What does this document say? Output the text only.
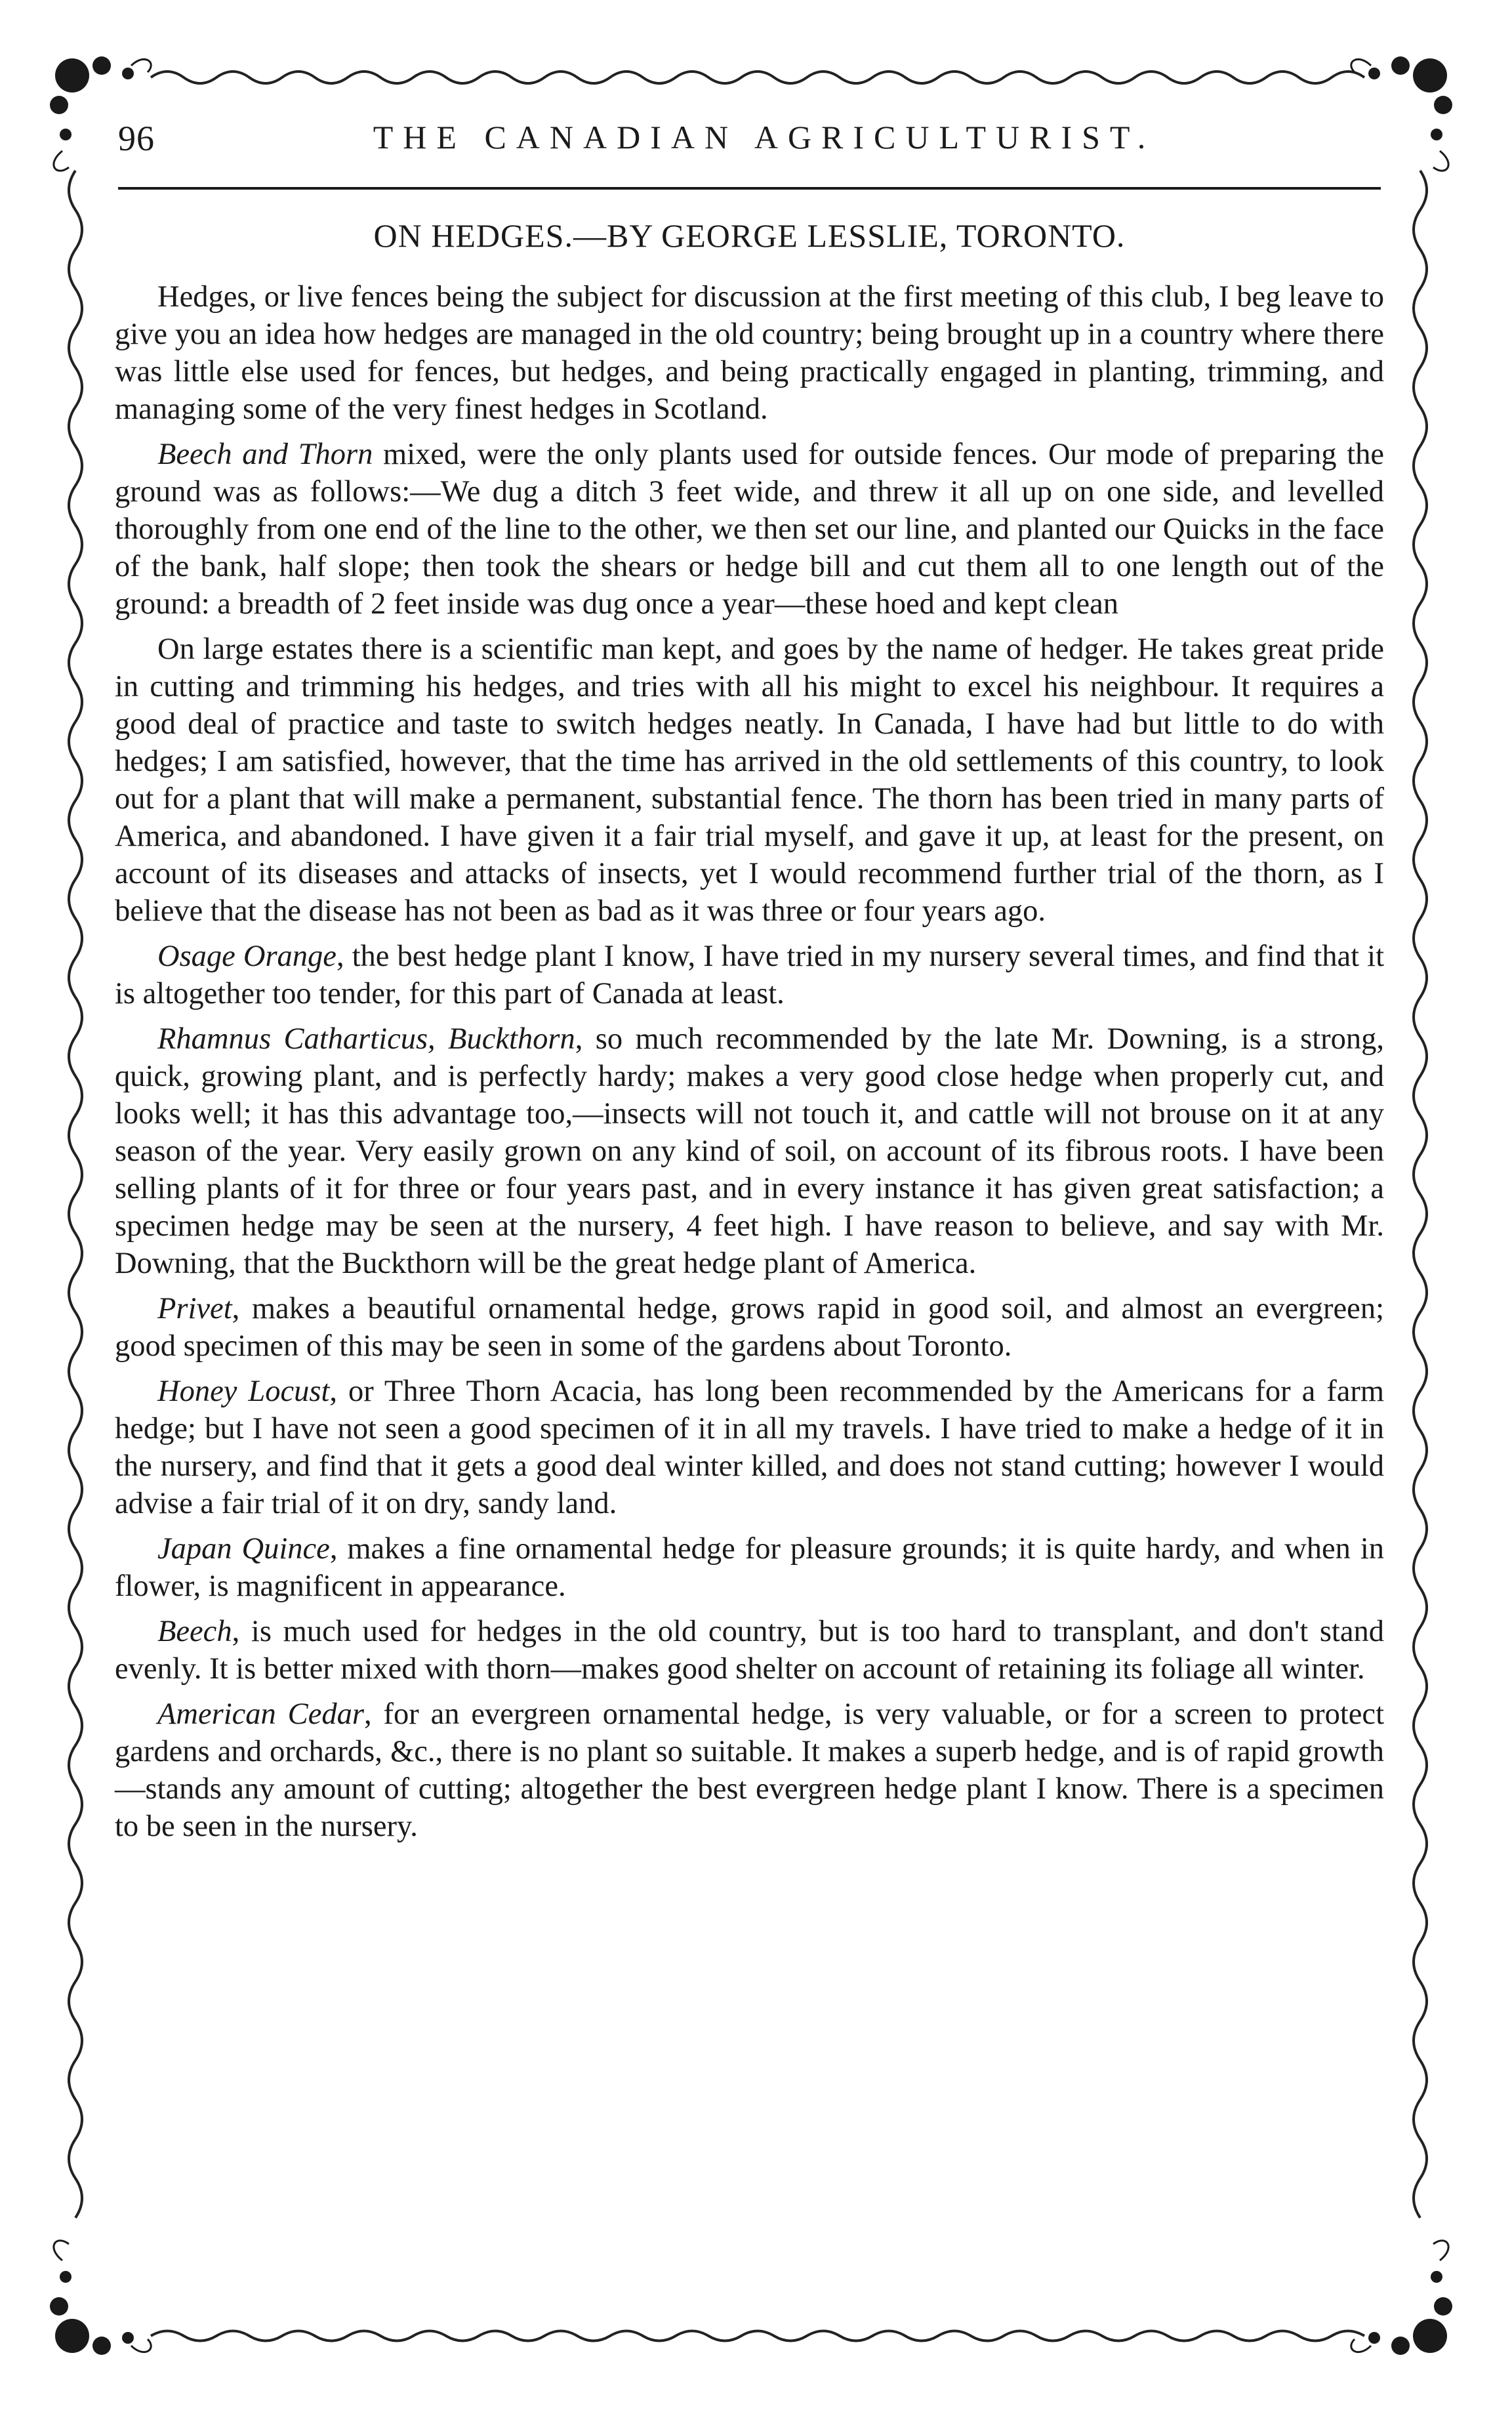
96	THE CANADIAN AGRICULTURIST.
ON HEDGES.—BY GEORGE LESSLIE, TORONTO.

Hedges, or live fences being the subject for discussion at the first meeting of this club, I beg leave to give you an idea how hedges are managed in the old country; being brought up in a country where there was little else used for fences, but hedges, and being practically engaged in planting, trimming, and managing some of the very finest hedges in Scotland.

Beech and Thorn mixed, were the only plants used for outside fences. Our mode of preparing the ground was as follows:—We dug a ditch 3 feet wide, and threw it all up on one side, and levelled thoroughly from one end of the line to the other, we then set our line, and planted our Quicks in the face of the bank, half slope; then took the shears or hedge bill and cut them all to one length out of the ground: a breadth of 2 feet inside was dug once a year—these hoed and kept clean

On large estates there is a scientific man kept, and goes by the name of hedger. He takes great pride in cutting and trimming his hedges, and tries with all his might to excel his neighbour. It requires a good deal of practice and taste to switch hedges neatly. In Canada, I have had but little to do with hedges; I am satisfied, however, that the time has arrived in the old settlements of this country, to look out for a plant that will make a permanent, substantial fence. The thorn has been tried in many parts of America, and abandoned. I have given it a fair trial myself, and gave it up, at least for the present, on account of its diseases and attacks of insects, yet I would recommend further trial of the thorn, as I believe that the disease has not been as bad as it was three or four years ago.

Osage Orange, the best hedge plant I know, I have tried in my nursery several times, and find that it is altogether too tender, for this part of Canada at least.

Rhamnus Catharticus, Buckthorn, so much recommended by the late Mr. Downing, is a strong, quick, growing plant, and is perfectly hardy; makes a very good close hedge when properly cut, and looks well; it has this advantage too,—insects will not touch it, and cattle will not brouse on it at any season of the year. Very easily grown on any kind of soil, on account of its fibrous roots. I have been selling plants of it for three or four years past, and in every instance it has given great satisfaction; a specimen hedge may be seen at the nursery, 4 feet high. I have reason to believe, and say with Mr. Downing, that the Buckthorn will be the great hedge plant of America.

Privet, makes a beautiful ornamental hedge, grows rapid in good soil, and almost an evergreen; good specimen of this may be seen in some of the gardens about Toronto.

Honey Locust, or Three Thorn Acacia, has long been recommended by the Americans for a farm hedge; but I have not seen a good specimen of it in all my travels. I have tried to make a hedge of it in the nursery, and find that it gets a good deal winter killed, and does not stand cutting; however I would advise a fair trial of it on dry, sandy land.

Japan Quince, makes a fine ornamental hedge for pleasure grounds; it is quite hardy, and when in flower, is magnificent in appearance.

Beech, is much used for hedges in the old country, but is too hard to transplant, and don't stand evenly. It is better mixed with thorn—makes good shelter on account of retaining its foliage all winter.

American Cedar, for an evergreen ornamental hedge, is very valuable, or for a screen to protect gardens and orchards, &c., there is no plant so suitable. It makes a superb hedge, and is of rapid growth—stands any amount of cutting; altogether the best evergreen hedge plant I know. There is a specimen to be seen in the nursery.
